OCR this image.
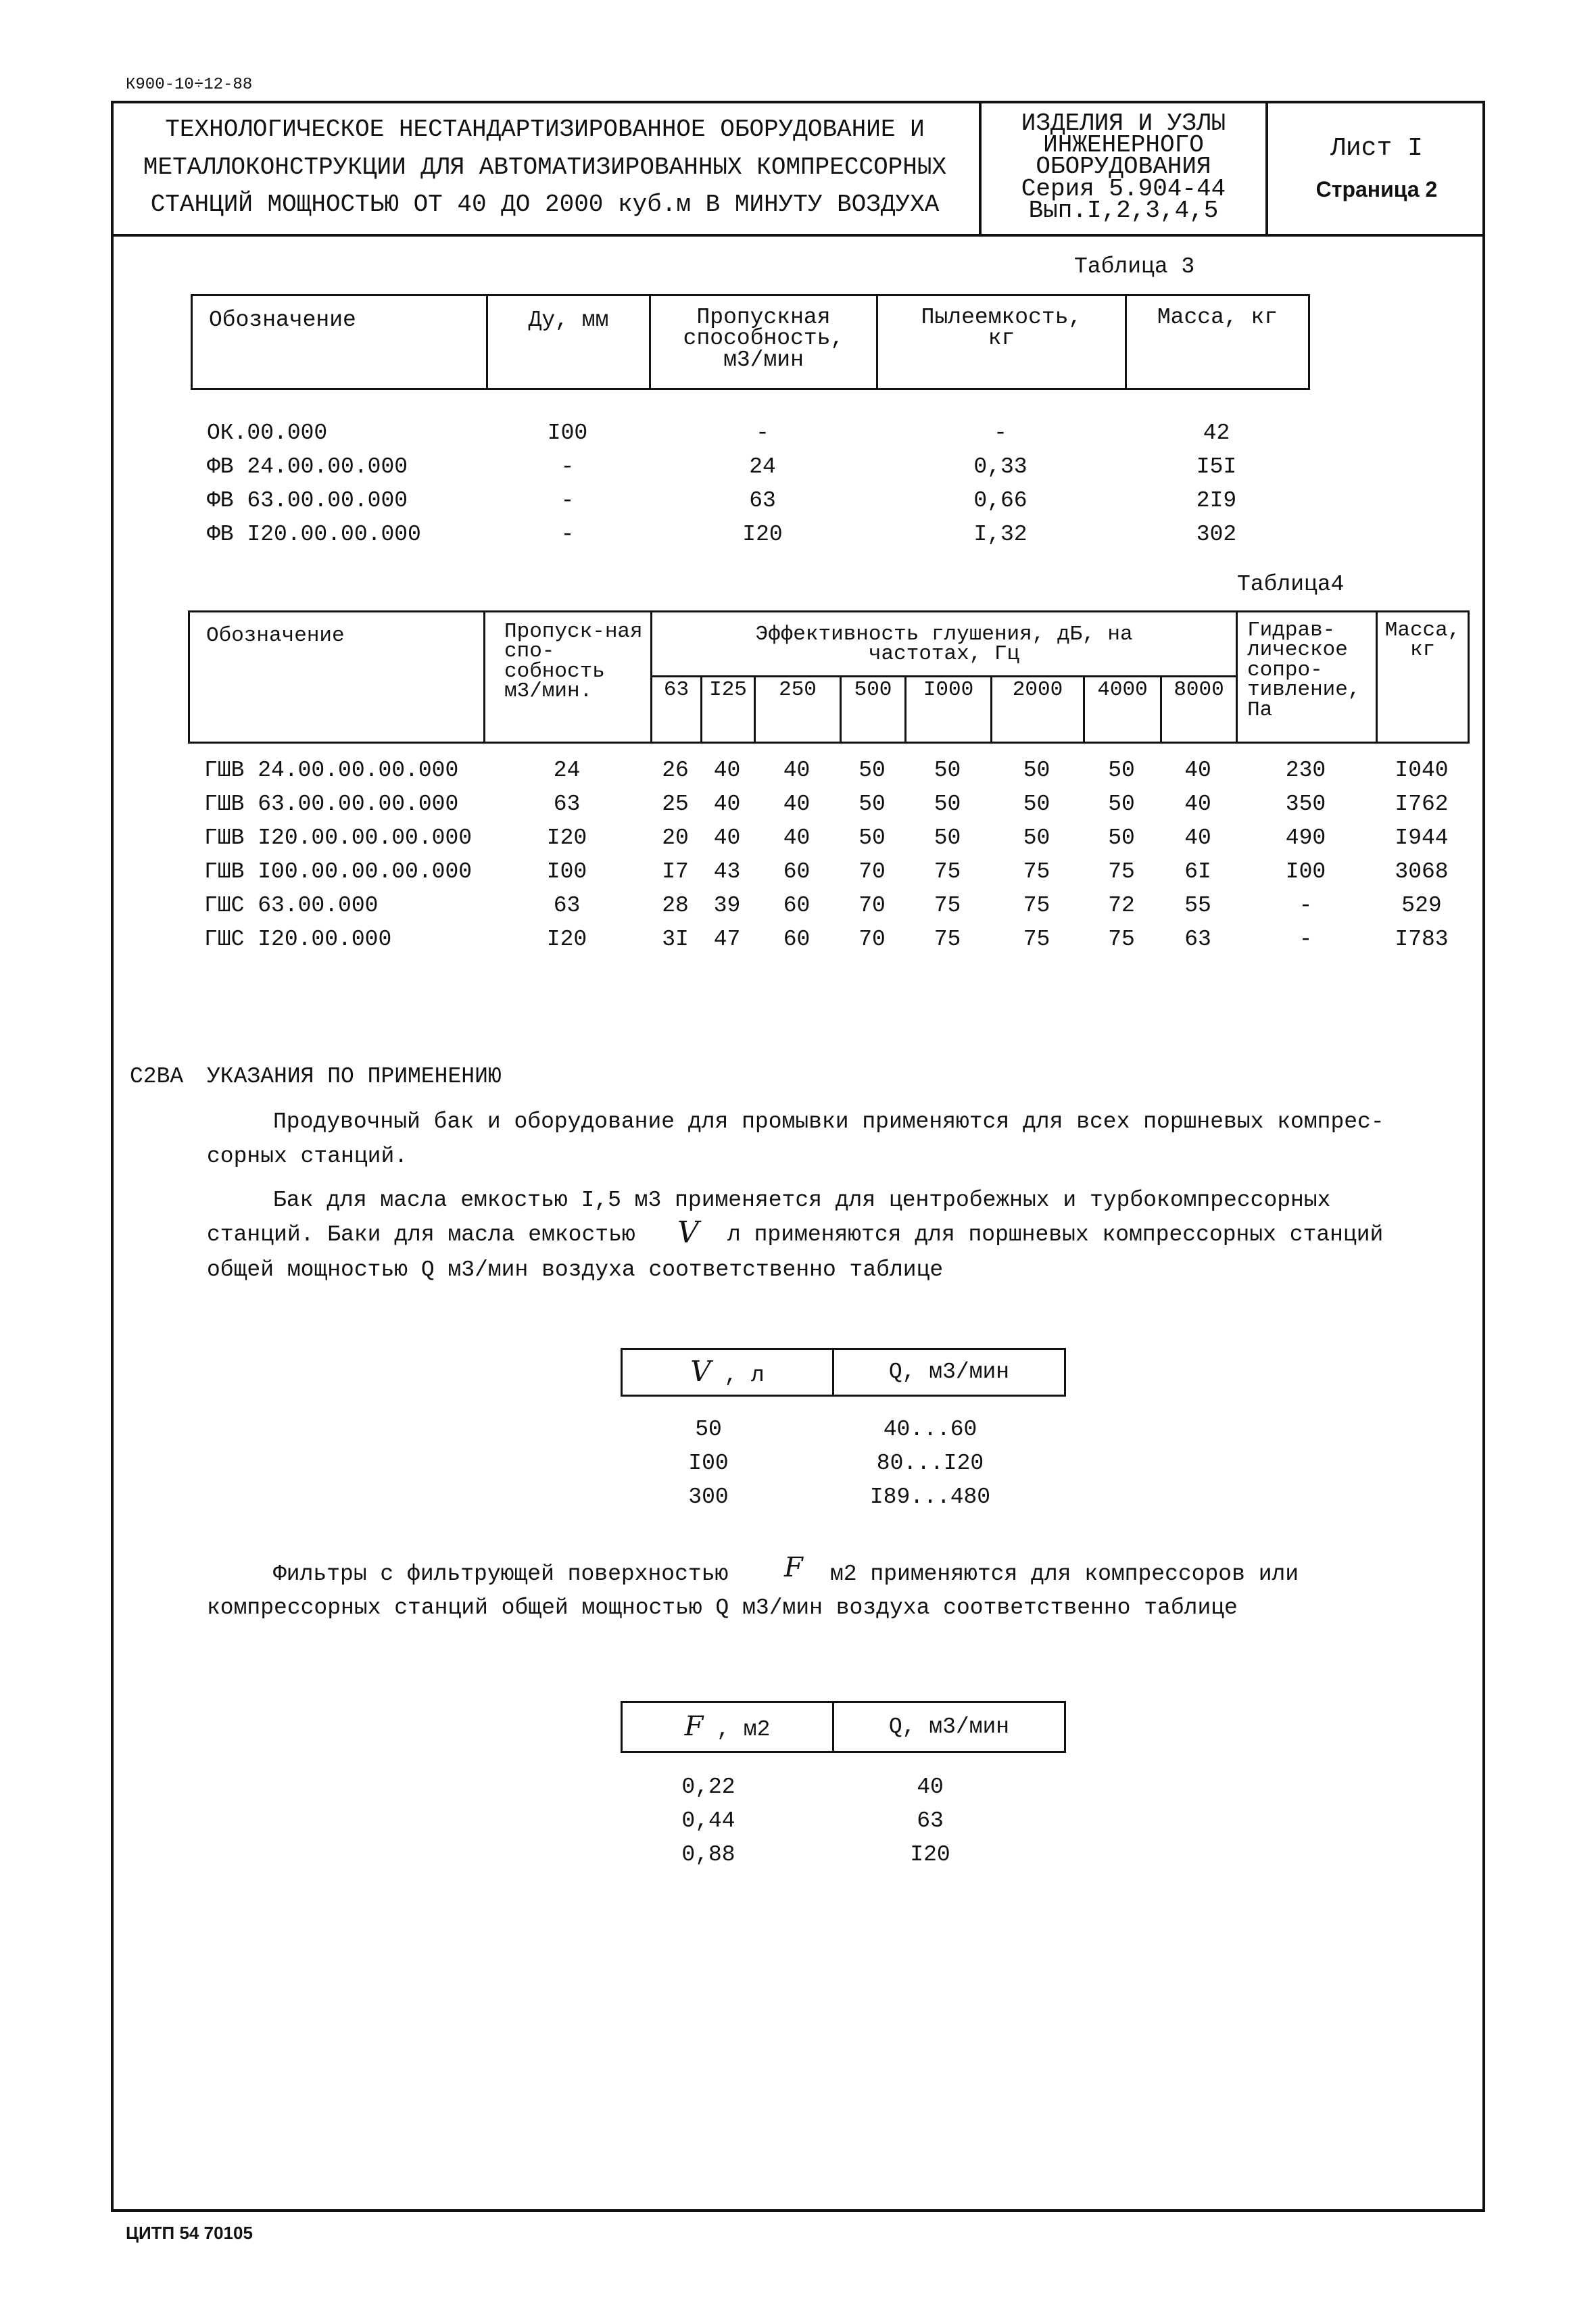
К900-10÷12-88
ТЕХНОЛОГИЧЕСКОЕ НЕСТАНДАРТИЗИРОВАННОЕ ОБОРУДОВАНИЕ И
МЕТАЛЛОКОНСТРУКЦИИ ДЛЯ АВТОМАТИЗИРОВАННЫХ КОМПРЕССОРНЫХ
СТАНЦИЙ МОЩНОСТЬЮ ОТ 40 ДО 2000 куб.м В МИНУТУ ВОЗДУХА
ИЗДЕЛИЯ И УЗЛЫ
ИНЖЕНЕРНОГО
ОБОРУДОВАНИЯ
Серия 5.904-44
Вып.I,2,3,4,5
Лист I
Страница 2
Таблица 3
Обозначение	Ду, мм	Пропускная способность, м3/мин	Пылеемкость, кг	Масса, кг
ОК.00.000	I00	-	-	42
ФВ 24.00.00.000	-	24	0,33	I5I
ФВ 63.00.00.000	-	63	0,66	2I9
ФВ I20.00.00.000	-	I20	I,32	302
Таблица4
Обозначение	Пропуск-ная спо-собность м3/мин.	Эффективность глушения, дБ, на частотах, Гц								Гидрав-лическое сопро-тивление, Па	Масса, кг
		63	I25	250	500	I000	2000	4000	8000		
ГШВ 24.00.00.00.000	24	26	40	40	50	50	50	50	40	230	I040
ГШВ 63.00.00.00.000	63	25	40	40	50	50	50	50	40	350	I762
ГШВ I20.00.00.00.000	I20	20	40	40	50	50	50	50	40	490	I944
ГШВ I00.00.00.00.000	I00	I7	43	60	70	75	75	75	6I	I00	3068
ГШС 63.00.000	63	28	39	60	70	75	75	72	55	-	529
ГШС I20.00.000	I20	3I	47	60	70	75	75	75	63	-	I783
С2ВА УКАЗАНИЯ ПО ПРИМЕНЕНИЮ
Продувочный бак и оборудование для промывки применяются для всех поршневых компрес-
сорных станций.
Бак для масла емкостью I,5 м3 применяется для центробежных и турбокомпрессорных
станций. Баки для масла емкостью V л применяются для поршневых компрессорных станций
общей мощностью Q м3/мин воздуха соответственно таблице
V , л	Q, м3/мин
50	40...60
I00	80...I20
300	I89...480
Фильтры с фильтрующей поверхностью F м2 применяются для компрессоров или
компрессорных станций общей мощностью Q м3/мин воздуха соответственно таблице
F , м2	Q, м3/мин
0,22	40
0,44	63
0,88	I20
ЦИТП 54 70105
